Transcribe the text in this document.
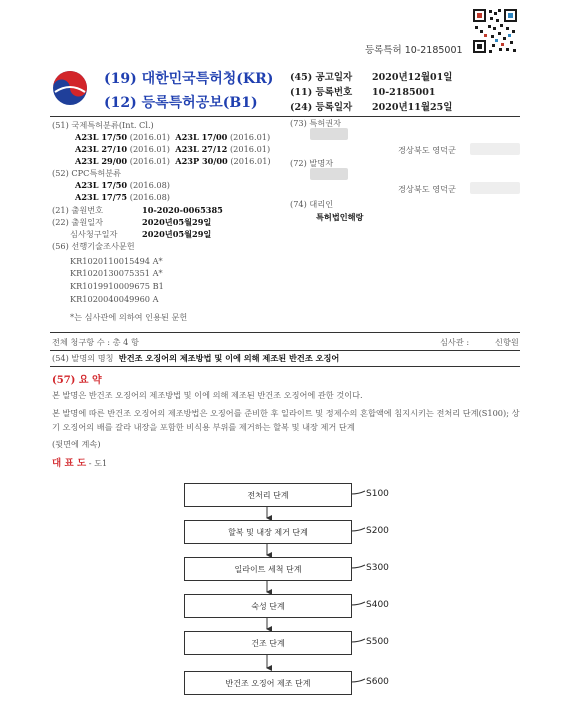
등록특허 10-2185001
(19) 대한민국특허청(KR)
(12) 등록특허공보(B1)
(45) 공고일자 2020년12월01일
(11) 등록번호 10-2185001
(24) 등록일자 2020년11월25일
(51) 국제특허분류(Int. Cl.)
A23L 17/50 (2016.01) A23L 17/00 (2016.01)
A23L 27/10 (2016.01) A23L 27/12 (2016.01)
A23L 29/00 (2016.01) A23P 30/00 (2016.01)
(52) CPC특허분류
A23L 17/50 (2016.08)
A23L 17/75 (2016.08)
(21) 출원번호	10-2020-0065385
(22) 출원일자	2020년05월29일
심사청구일자	2020년05월29일
(56) 선행기술조사문헌
KR1020110015494 A*
KR1020130075351 A*
KR1019910009675 B1
KR1020040049960 A
*는 심사관에 의하여 인용된 문헌
(73) 특허권자
경상북도 영덕군
(72) 발명자
경상북도 영덕군
(74) 대리인
특허법인해랑
전체 청구항 수 : 총 4 항	심사관 :	신향원
(54) 발명의 명칭 반건조 오징어의 제조방법 및 이에 의해 제조된 반건조 오징어
(57) 요 약
본 발명은 반건조 오징어의 제조방법 및 이에 의해 제조된 반건조 오징어에 관한 것이다.
본 발명에 따른 반건조 오징어의 제조방법은 오징어를 준비한 후 일라이트 및 정제수의 혼합액에 침지시키는 전처리 단계(S100); 상기 오징어의 배를 갈라 내장을 포함한 비식용 부위를 제거하는 할복 및 내장 제거 단계
(뒷면에 계속)
대 표 도 - 도1
전처리 단계	S100
할복 및 내장 제거 단계	S200
일라이트 세척 단계	S300
숙성 단계	S400
건조 단계	S500
반건조 오징어 제조 단계	S600
